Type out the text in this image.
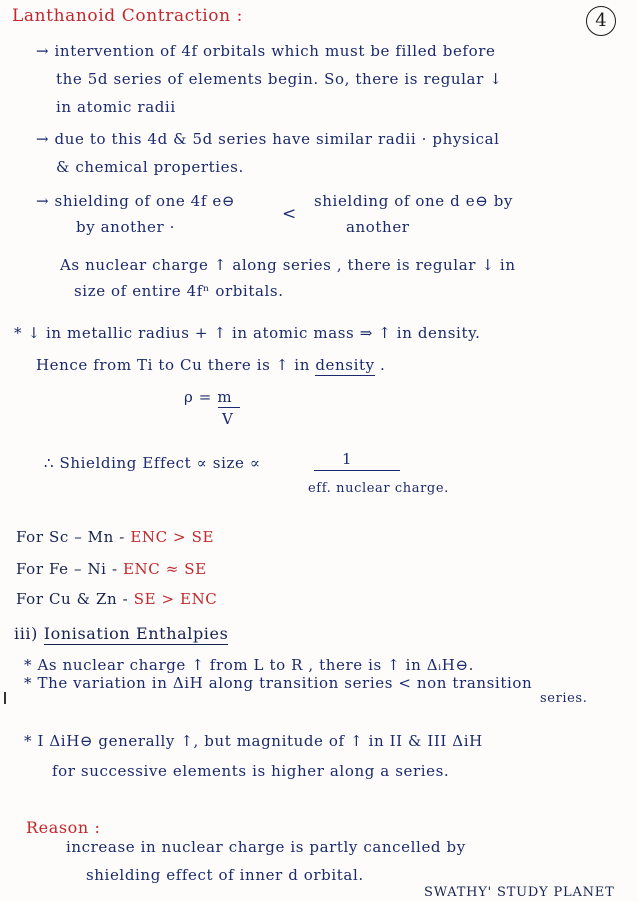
Lanthanoid Contraction :	4
→ intervention of 4f orbitals which must be filled before
the 5d series of elements begin. So, there is regular ↓
in atomic radii
→ due to this 4d & 5d series have similar radii · physical
& chemical properties.
→ shielding of one 4f e⊖
by another ·
<
shielding of one d e⊖ by
another
As nuclear charge ↑ along series , there is regular ↓ in
size of entire 4fⁿ orbitals.
* ↓ in metallic radius + ↑ in atomic mass ⇒ ↑ in density.
Hence from Ti to Cu there is ↑ in density .
ρ = m
V
∴ Shielding Effect ∝ size ∝	1
eff. nuclear charge.
For Sc – Mn - ENC > SE
For Fe – Ni - ENC ≈ SE
For Cu & Zn - SE > ENC
iii) Ionisation Enthalpies
* As nuclear charge ↑ from L to R , there is ↑ in ΔᵢH⊖.
* The variation in ΔiH along transition series < non transition
series.
* I ΔiH⊖ generally ↑, but magnitude of ↑ in II & III ΔiH
for successive elements is higher along a series.
Reason :
increase in nuclear charge is partly cancelled by
shielding effect of inner d orbital.
SWATHY' STUDY PLANET
